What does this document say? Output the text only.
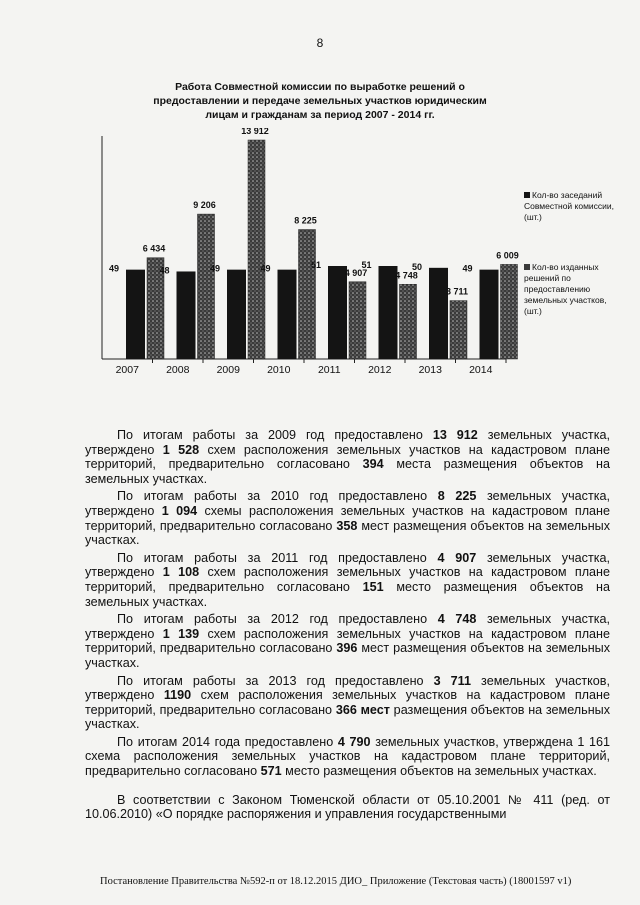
8
Работа Совместной комиссии по выработке решений о предоставлении и передаче земельных участков юридическим лицам и гражданам за период 2007 - 2014 гг.
49
6 434
2007
48
9 206
2008
49
13 912
2009
49
8 225
2010
51
4 907
2011
51
4 748
2012
50
3 711
2013
49
6 009
2014
Кол-во заседаний Совместной комиссии, (шт.)
Кол-во изданных решений по предоставлению земельных участков, (шт.)

По итогам работы за 2009 год предоставлено 13 912 земельных участка, утверждено 1 528 схем расположения земельных участков на кадастровом плане территорий, предварительно согласовано 394 места размещения объектов на земельных участках.

По итогам работы за 2010 год предоставлено 8 225 земельных участка, утверждено 1 094 схемы расположения земельных участков на кадастровом плане территорий, предварительно согласовано 358 мест размещения объектов на земельных участках.

По итогам работы за 2011 год предоставлено 4 907 земельных участка, утверждено 1 108 схем расположения земельных участков на кадастровом плане территорий, предварительно согласовано 151 место размещения объектов на земельных участках.

По итогам работы за 2012 год предоставлено 4 748 земельных участка, утверждено 1 139 схем расположения земельных участков на кадастровом плане территорий, предварительно согласовано 396 мест размещения объектов на земельных участках.

По итогам работы за 2013 год предоставлено 3 711 земельных участков, утверждено 1190 схем расположения земельных участков на кадастровом плане территорий, предварительно согласовано 366 мест размещения объектов на земельных участках.

По итогам 2014 года предоставлено 4 790 земельных участков, утверждена 1 161 схема расположения земельных участков на кадастровом плане территорий, предварительно согласовано 571 место размещения объектов на земельных участках.

В соответствии с Законом Тюменской области от 05.10.2001 № 411 (ред. от 10.06.2010) «О порядке распоряжения и управления государственными

Постановление Правительства №592-п от 18.12.2015 ДИО_ Приложение (Текстовая часть) (18001597 v1)
